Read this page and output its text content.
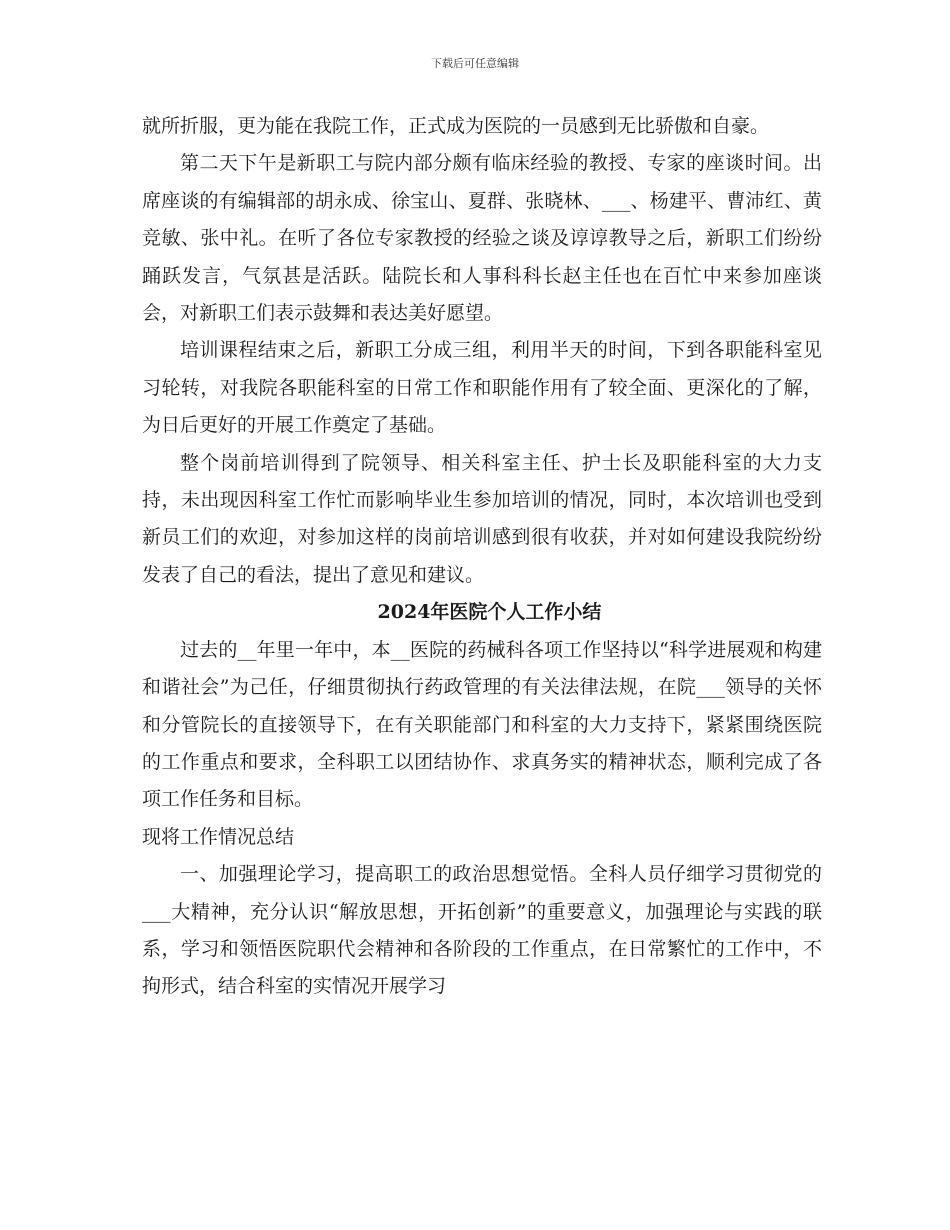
下载后可任意编辑

就所折服，更为能在我院工作，正式成为医院的一员感到无比骄傲和自豪。

第二天下午是新职工与院内部分颇有临床经验的教授、专家的座谈时间。出席座谈的有编辑部的胡永成、徐宝山、夏群、张晓林、___、杨建平、曹沛红、黄竞敏、张中礼。在听了各位专家教授的经验之谈及谆谆教导之后，新职工们纷纷踊跃发言，气氛甚是活跃。陆院长和人事科科长赵主任也在百忙中来参加座谈会，对新职工们表示鼓舞和表达美好愿望。

培训课程结束之后，新职工分成三组，利用半天的时间，下到各职能科室见习轮转，对我院各职能科室的日常工作和职能作用有了较全面、更深化的了解，为日后更好的开展工作奠定了基础。

整个岗前培训得到了院领导、相关科室主任、护士长及职能科室的大力支持，未出现因科室工作忙而影响毕业生参加培训的情况，同时，本次培训也受到新员工们的欢迎，对参加这样的岗前培训感到很有收获，并对如何建设我院纷纷发表了自己的看法，提出了意见和建议。

2024年医院个人工作小结

过去的__年里一年中，本__医院的药械科各项工作坚持以“科学进展观和构建和谐社会”为己任，仔细贯彻执行药政管理的有关法律法规，在院___领导的关怀和分管院长的直接领导下，在有关职能部门和科室的大力支持下，紧紧围绕医院的工作重点和要求，全科职工以团结协作、求真务实的精神状态，顺利完成了各项工作任务和目标。

现将工作情况总结

一、加强理论学习，提高职工的政治思想觉悟。全科人员仔细学习贯彻党的___大精神，充分认识“解放思想，开拓创新”的重要意义，加强理论与实践的联系，学习和领悟医院职代会精神和各阶段的工作重点，在日常繁忙的工作中，不拘形式，结合科室的实情况开展学习
